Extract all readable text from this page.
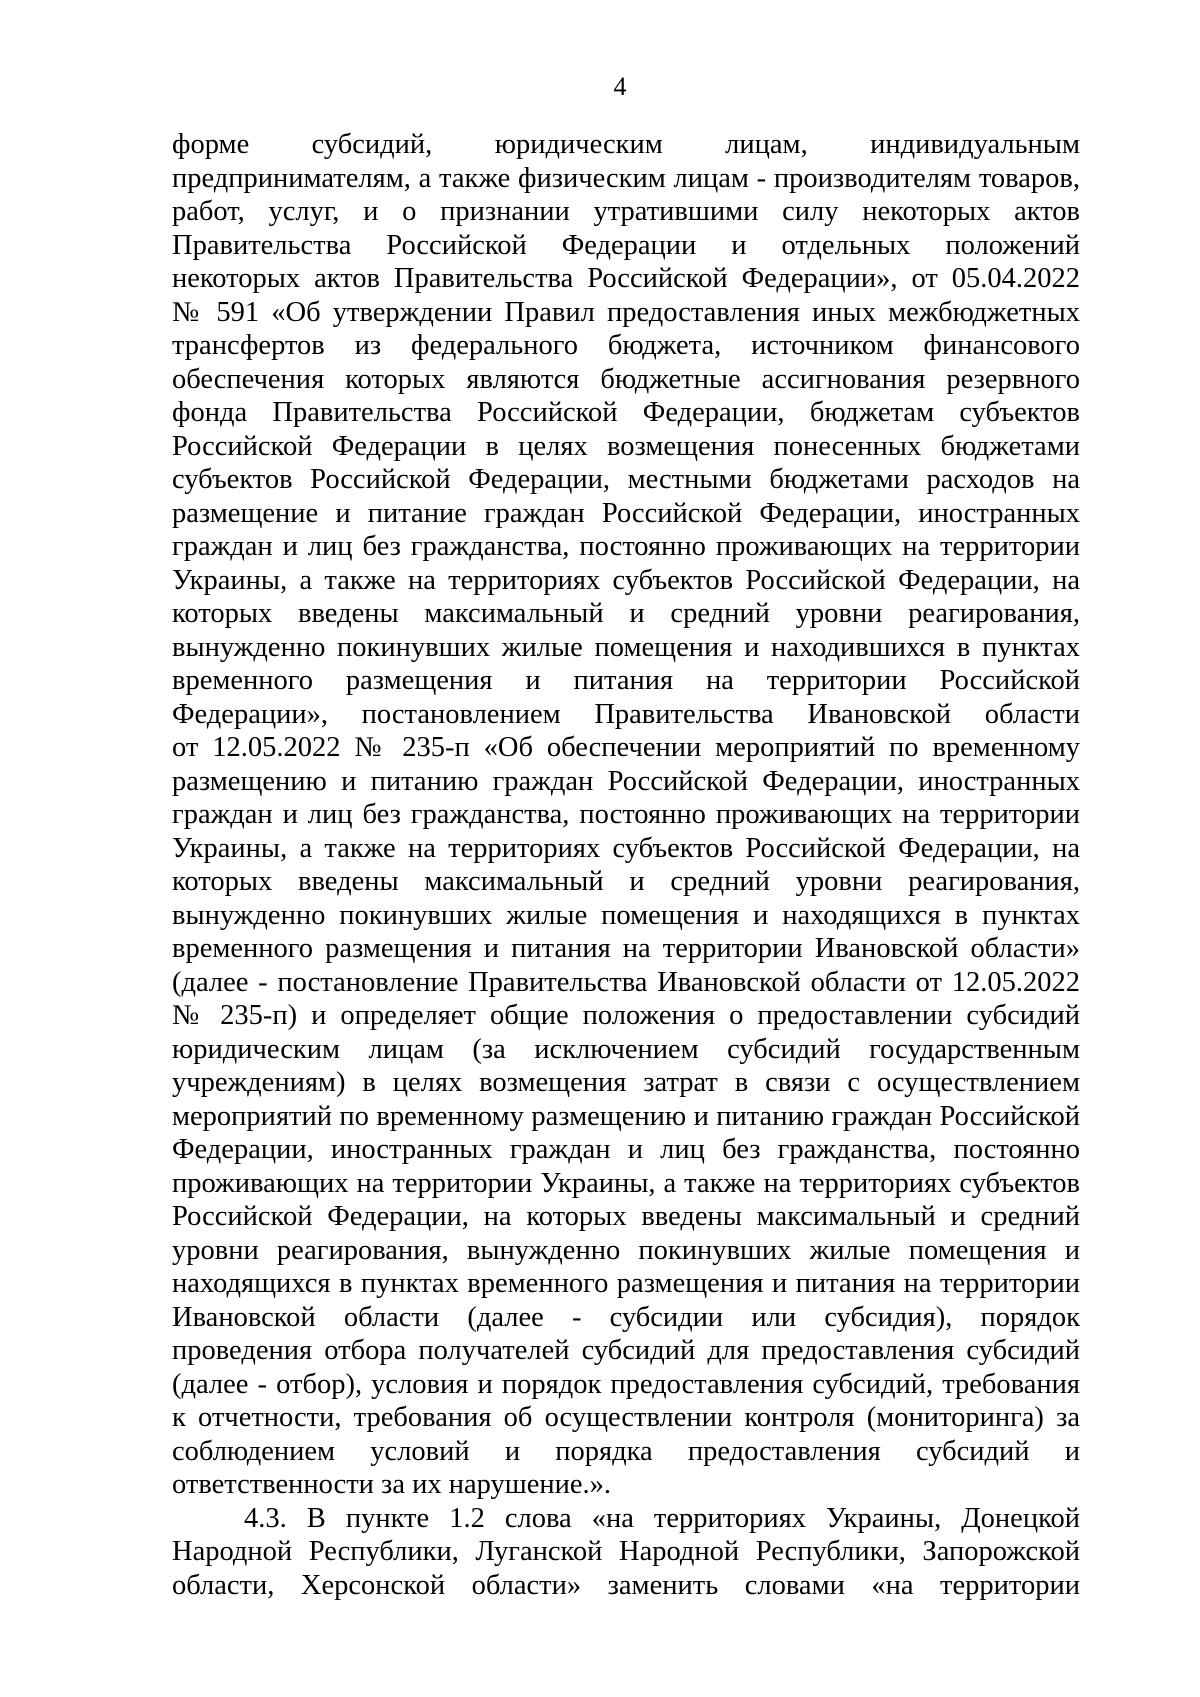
4
форме субсидий, юридическим лицам, индивидуальным
предпринимателям, а также физическим лицам - производителям товаров,
работ, услуг, и о признании утратившими силу некоторых актов
Правительства Российской Федерации и отдельных положений
некоторых актов Правительства Российской Федерации», от 05.04.2022
№ 591 «Об утверждении Правил предоставления иных межбюджетных
трансфертов из федерального бюджета, источником финансового
обеспечения которых являются бюджетные ассигнования резервного
фонда Правительства Российской Федерации, бюджетам субъектов
Российской Федерации в целях возмещения понесенных бюджетами
субъектов Российской Федерации, местными бюджетами расходов на
размещение и питание граждан Российской Федерации, иностранных
граждан и лиц без гражданства, постоянно проживающих на территории
Украины, а также на территориях субъектов Российской Федерации, на
которых введены максимальный и средний уровни реагирования,
вынужденно покинувших жилые помещения и находившихся в пунктах
временного размещения и питания на территории Российской
Федерации», постановлением Правительства Ивановской области
от 12.05.2022 № 235-п «Об обеспечении мероприятий по временному
размещению и питанию граждан Российской Федерации, иностранных
граждан и лиц без гражданства, постоянно проживающих на территории
Украины, а также на территориях субъектов Российской Федерации, на
которых введены максимальный и средний уровни реагирования,
вынужденно покинувших жилые помещения и находящихся в пунктах
временного размещения и питания на территории Ивановской области»
(далее - постановление Правительства Ивановской области от 12.05.2022
№ 235-п) и определяет общие положения о предоставлении субсидий
юридическим лицам (за исключением субсидий государственным
учреждениям) в целях возмещения затрат в связи с осуществлением
мероприятий по временному размещению и питанию граждан Российской
Федерации, иностранных граждан и лиц без гражданства, постоянно
проживающих на территории Украины, а также на территориях субъектов
Российской Федерации, на которых введены максимальный и средний
уровни реагирования, вынужденно покинувших жилые помещения и
находящихся в пунктах временного размещения и питания на территории
Ивановской области (далее - субсидии или субсидия), порядок
проведения отбора получателей субсидий для предоставления субсидий
(далее - отбор), условия и порядок предоставления субсидий, требования
к отчетности, требования об осуществлении контроля (мониторинга) за
соблюдением условий и порядка предоставления субсидий и
ответственности за их нарушение.».
4.3. В пункте 1.2 слова «на территориях Украины, Донецкой
Народной Республики, Луганской Народной Республики, Запорожской
области, Херсонской области» заменить словами «на территории
